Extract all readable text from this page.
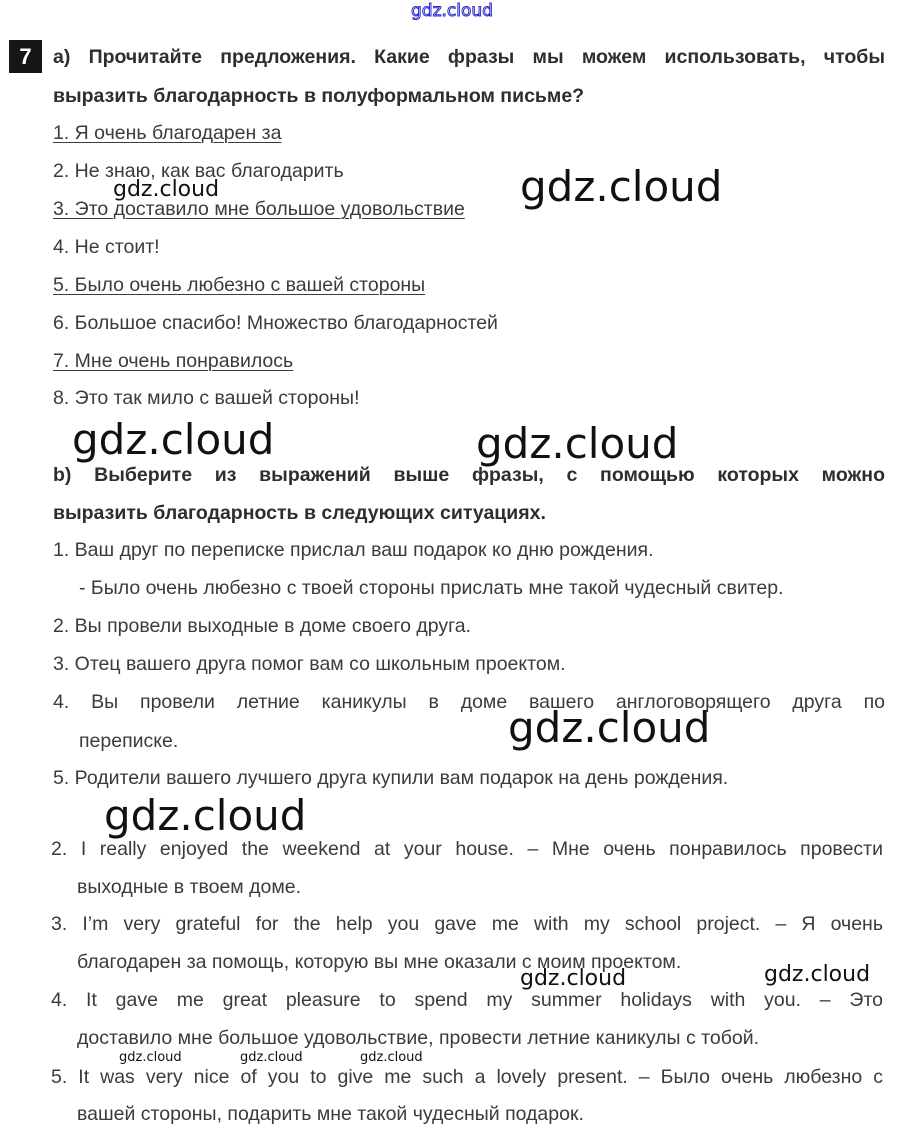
gdz.cloud
7	a) Прочитайте предложения. Какие фразы мы можем использовать, чтобы
выразить благодарность в полуформальном письме?
1. Я очень благодарен за
2. Не знаю, как вас благодарить
3. Это доставило мне большое удовольствие
4. Не стоит!
5. Было очень любезно с вашей стороны
6. Большое спасибо! Множество благодарностей
7. Мне очень понравилось
8. Это так мило с вашей стороны!
b) Выберите из выражений выше фразы, с помощью которых можно
выразить благодарность в следующих ситуациях.
1. Ваш друг по переписке прислал ваш подарок ко дню рождения.
- Было очень любезно с твоей стороны прислать мне такой чудесный свитер.
2. Вы провели выходные в доме своего друга.
3. Отец вашего друга помог вам со школьным проектом.
4. Вы провели летние каникулы в доме вашего англоговорящего друга по
переписке.
5. Родители вашего лучшего друга купили вам подарок на день рождения.
2. I really enjoyed the weekend at your house. – Мне очень понравилось провести
выходные в твоем доме.
3. I’m very grateful for the help you gave me with my school project. – Я очень
благодарен за помощь, которую вы мне оказали с моим проектом.
4. It gave me great pleasure to spend my summer holidays with you. – Это
доставило мне большое удовольствие, провести летние каникулы с тобой.
5. It was very nice of you to give me such a lovely present. – Было очень любезно с
вашей стороны, подарить мне такой чудесный подарок.
gdz.cloud	gdz.cloud
gdz.cloud	gdz.cloud
gdz.cloud
gdz.cloud
gdz.cloud	gdz.cloud
gdz.cloud	gdz.cloud	gdz.cloud
